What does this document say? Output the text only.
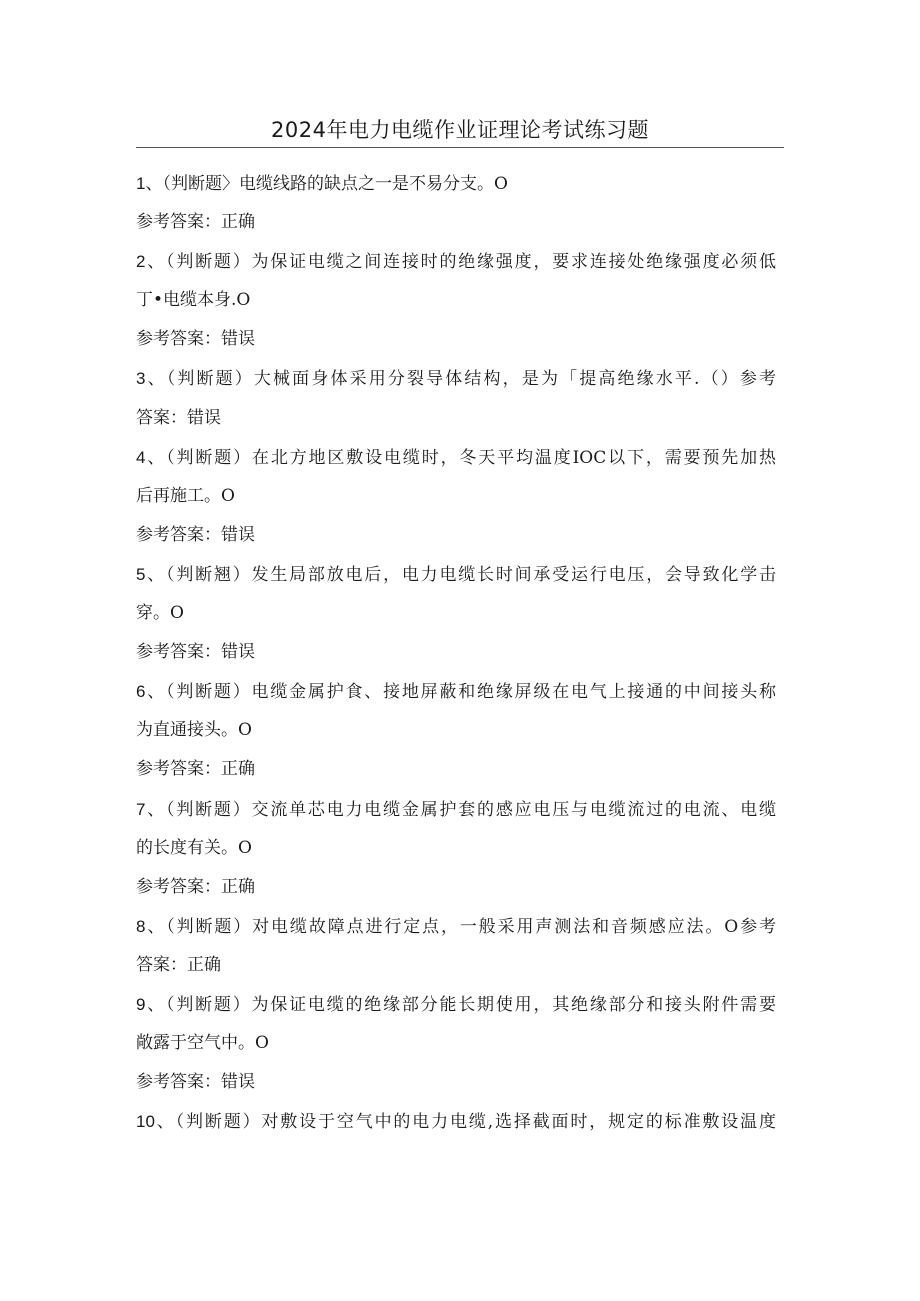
2024年电力电缆作业证理论考试练习题
1、（判断题〉电缆线路的缺点之一是不易分支。O
参考答案：正确
2、（判断题）为保证电缆之间连接时的绝缘强度，要求连接处绝缘强度必须低
丁•电缆本身.O
参考答案：错误
3、（判断题）大械面身体采用分裂导体结构，是为「提高绝缘水平.（）参考
答案：错误
4、（判断题）在北方地区敷设电缆时，冬天平均温度IOC以下，需要预先加热
后再施工。O
参考答案：错误
5、（判断翘）发生局部放电后，电力电缆长时间承受运行电压，会导致化学击
穿。O
参考答案：错误
6、（判断题）电缆金属护食、接地屏蔽和绝缘屏级在电气上接通的中间接头称
为直通接头。O
参考答案：正确
7、（判断题）交流单芯电力电缆金属护套的感应电压与电缆流过的电流、电缆
的长度有关。O
参考答案：正确
8、（判断题）对电缆故障点进行定点，一般采用声测法和音频感应法。O参考
答案：正确
9、（判断题）为保证电缆的绝缘部分能长期使用，其绝缘部分和接头附件需要
敞露于空气中。O
参考答案：错误
10、（判断题）对敷设于空气中的电力电缆,选择截面时，规定的标准敷设温度
